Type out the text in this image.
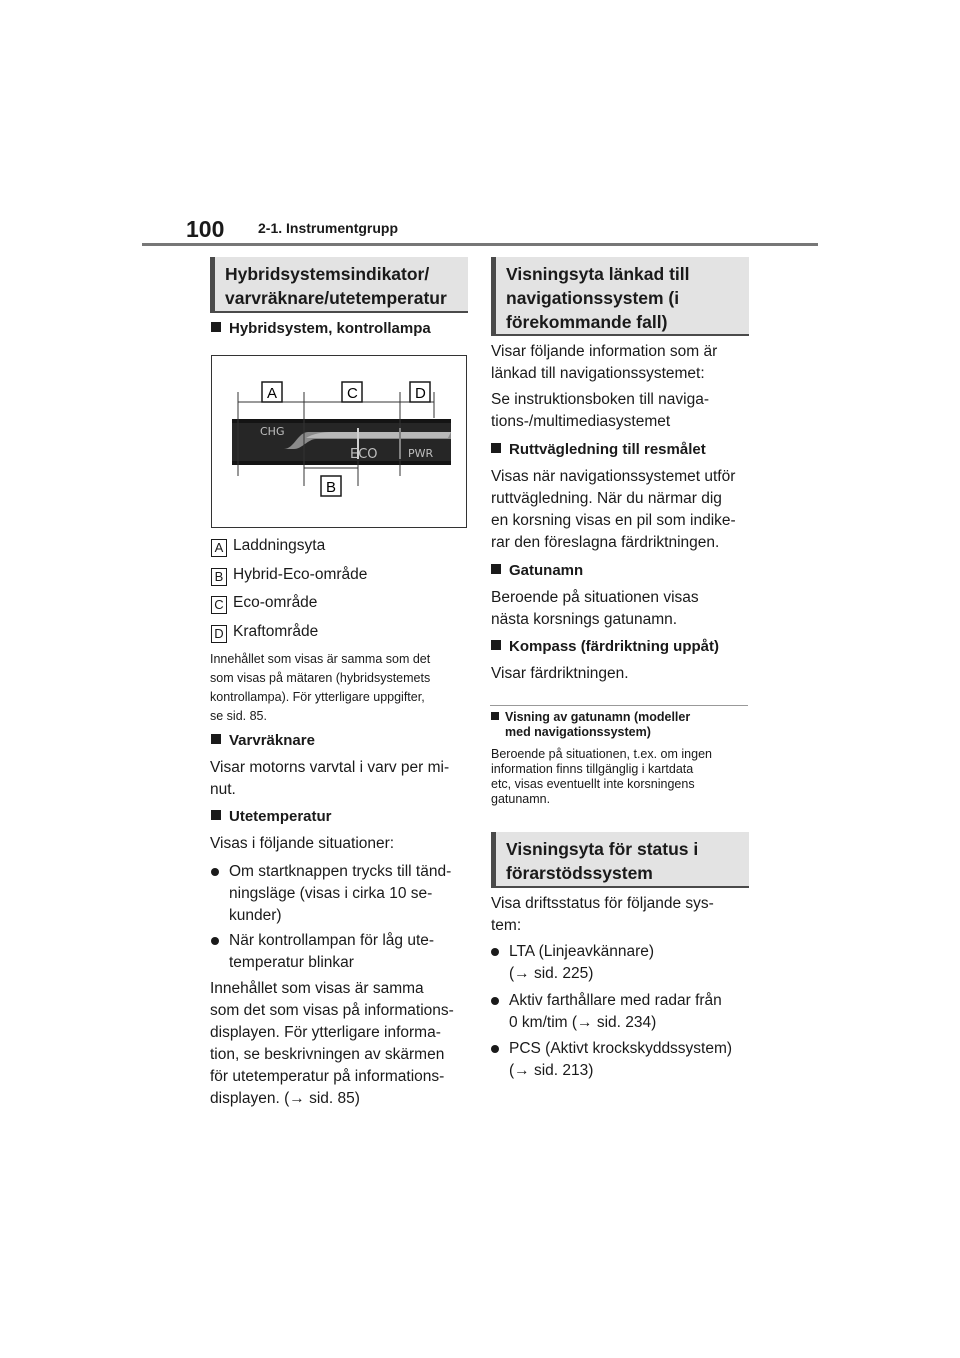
100 2-1. Instrumentgrupp
Hybridsystemsindikator/
varvräknare/utetemperatur
Hybridsystem, kontrollampa
CHG
ECO	PWR
A	C	D
B
A Laddningsyta
B Hybrid-Eco-område
C Eco-område
D Kraftområde
Innehållet som visas är samma som det
som visas på mätaren (hybridsystemets
kontrollampa). För ytterligare uppgifter,
se sid. 85.
Varvräknare
Visar motorns varvtal i varv per mi-
nut.
Utetemperatur
Visas i följande situationer:
Om startknappen trycks till tänd-
ningsläge (visas i cirka 10 se-
kunder)
När kontrollampan för låg ute-
temperatur blinkar
Innehållet som visas är samma
som det som visas på informations-
displayen. För ytterligare informa-
tion, se beskrivningen av skärmen
för utetemperatur på informations-
displayen. (→ sid. 85)
Visningsyta länkad till
navigationssystem (i
förekommande fall)
Visar följande information som är
länkad till navigationssystemet:
Se instruktionsboken till naviga-
tions-/multimediasystemet
Ruttvägledning till resmålet
Visas när navigationssystemet utför
ruttvägledning. När du närmar dig
en korsning visas en pil som indike-
rar den föreslagna färdriktningen.
Gatunamn
Beroende på situationen visas
nästa korsnings gatunamn.
Kompass (färdriktning uppåt)
Visar färdriktningen.
Visning av gatunamn (modeller
med navigationssystem)
Beroende på situationen, t.ex. om ingen
information finns tillgänglig i kartdata
etc, visas eventuellt inte korsningens
gatunamn.
Visningsyta för status i
förarstödssystem
Visa driftsstatus för följande sys-
tem:
LTA (Linjeavkännare)
(→ sid. 225)
Aktiv farthållare med radar från
0 km/tim (→ sid. 234)
PCS (Aktivt krockskyddssystem)
(→ sid. 213)
